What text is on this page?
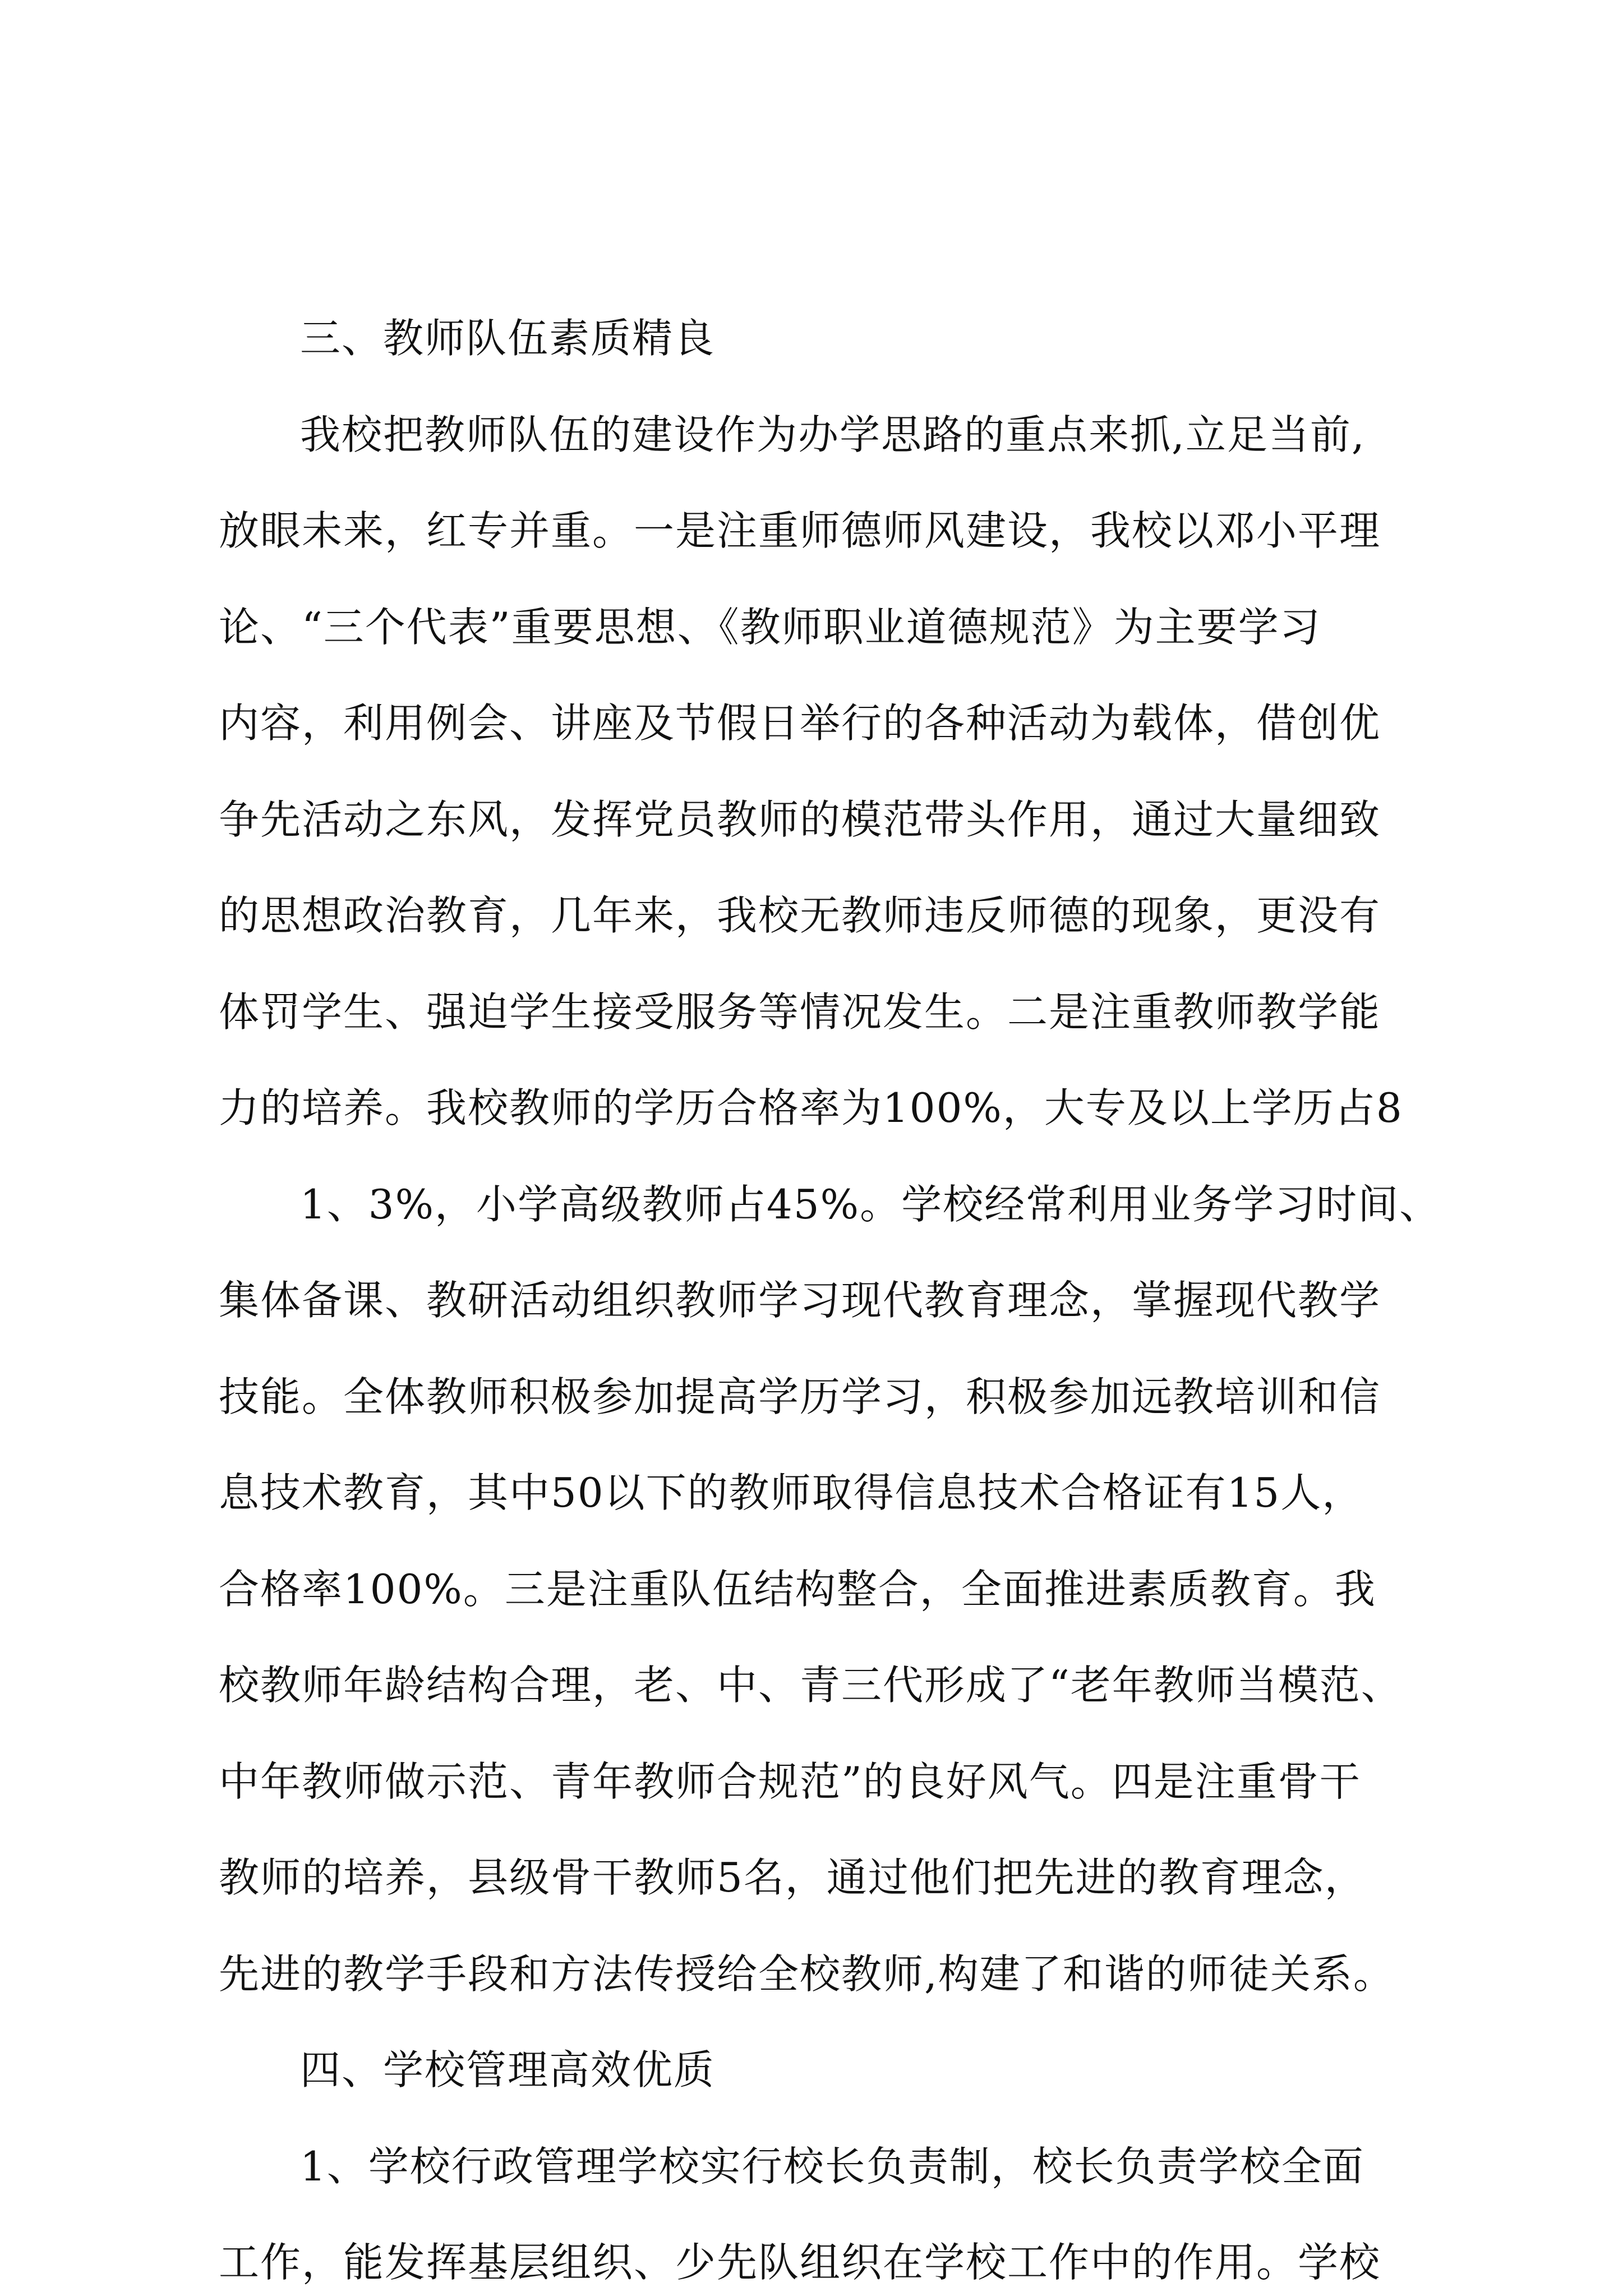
三、教师队伍素质精良
我校把教师队伍的建设作为办学思路的重点来抓,立足当前,
放眼未来，红专并重。一是注重师德师风建设，我校以邓小平理
论、“三个代表”重要思想、《教师职业道德规范》为主要学习
内容，利用例会、讲座及节假日举行的各种活动为载体，借创优
争先活动之东风，发挥党员教师的模范带头作用，通过大量细致
的思想政治教育，几年来，我校无教师违反师德的现象，更没有
体罚学生、强迫学生接受服务等情况发生。二是注重教师教学能
力的培养。我校教师的学历合格率为100%，大专及以上学历占8
1、3%，小学高级教师占45%。学校经常利用业务学习时间、
集体备课、教研活动组织教师学习现代教育理念，掌握现代教学
技能。全体教师积极参加提高学历学习，积极参加远教培训和信
息技术教育，其中50以下的教师取得信息技术合格证有15人，
合格率100%。三是注重队伍结构整合，全面推进素质教育。我
校教师年龄结构合理，老、中、青三代形成了“老年教师当模范、
中年教师做示范、青年教师合规范”的良好风气。四是注重骨干
教师的培养，县级骨干教师5名，通过他们把先进的教育理念，
先进的教学手段和方法传授给全校教师,构建了和谐的师徒关系。
四、学校管理高效优质
1、学校行政管理学校实行校长负责制，校长负责学校全面
工作，能发挥基层组织、少先队组织在学校工作中的作用。学校
